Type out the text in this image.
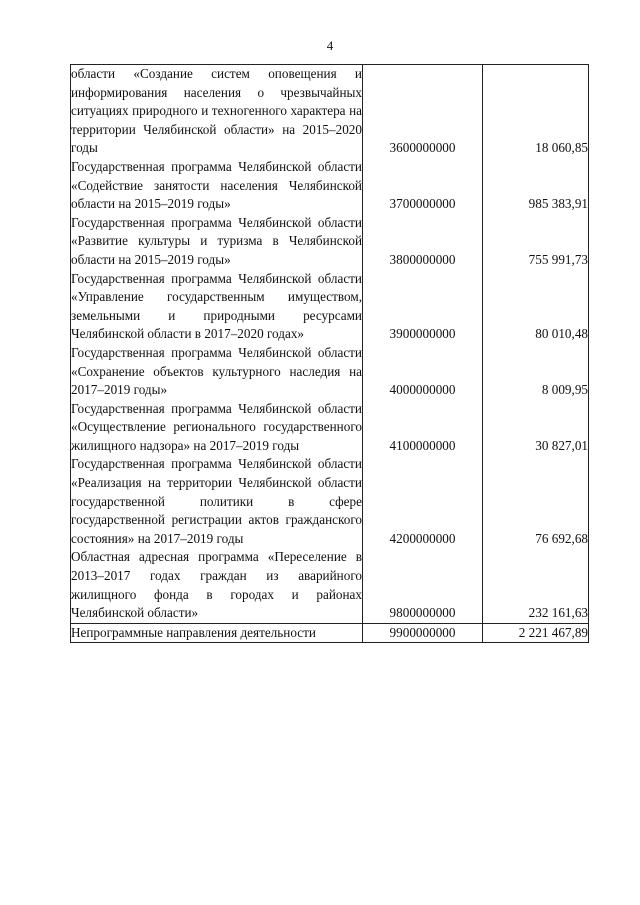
4
области «Создание систем оповещения и информирования населения о чрезвычайных ситуациях природного и техногенного характера на территории Челябинской области» на 2015–2020 годы	3600000000	18 060,85
Государственная программа Челябинской области «Содействие занятости населения Челябинской области на 2015–2019 годы»	3700000000	985 383,91
Государственная программа Челябинской области «Развитие культуры и туризма в Челябинской области на 2015–2019 годы»	3800000000	755 991,73
Государственная программа Челябинской области «Управление государственным имуществом, земельными и природными ресурсами Челябинской области в 2017–2020 годах»	3900000000	80 010,48
Государственная программа Челябинской области «Сохранение объектов культурного наследия на 2017–2019 годы»	4000000000	8 009,95
Государственная программа Челябинской области «Осуществление регионального государственного жилищного надзора» на 2017–2019 годы	4100000000	30 827,01
Государственная программа Челябинской области «Реализация на территории Челябинской области государственной политики в сфере государственной регистрации актов гражданского состояния» на 2017–2019 годы	4200000000	76 692,68
Областная адресная программа «Переселение в 2013–2017 годах граждан из аварийного жилищного фонда в городах и районах Челябинской области»	9800000000	232 161,63
Непрограммные направления деятельности	9900000000	2 221 467,89
